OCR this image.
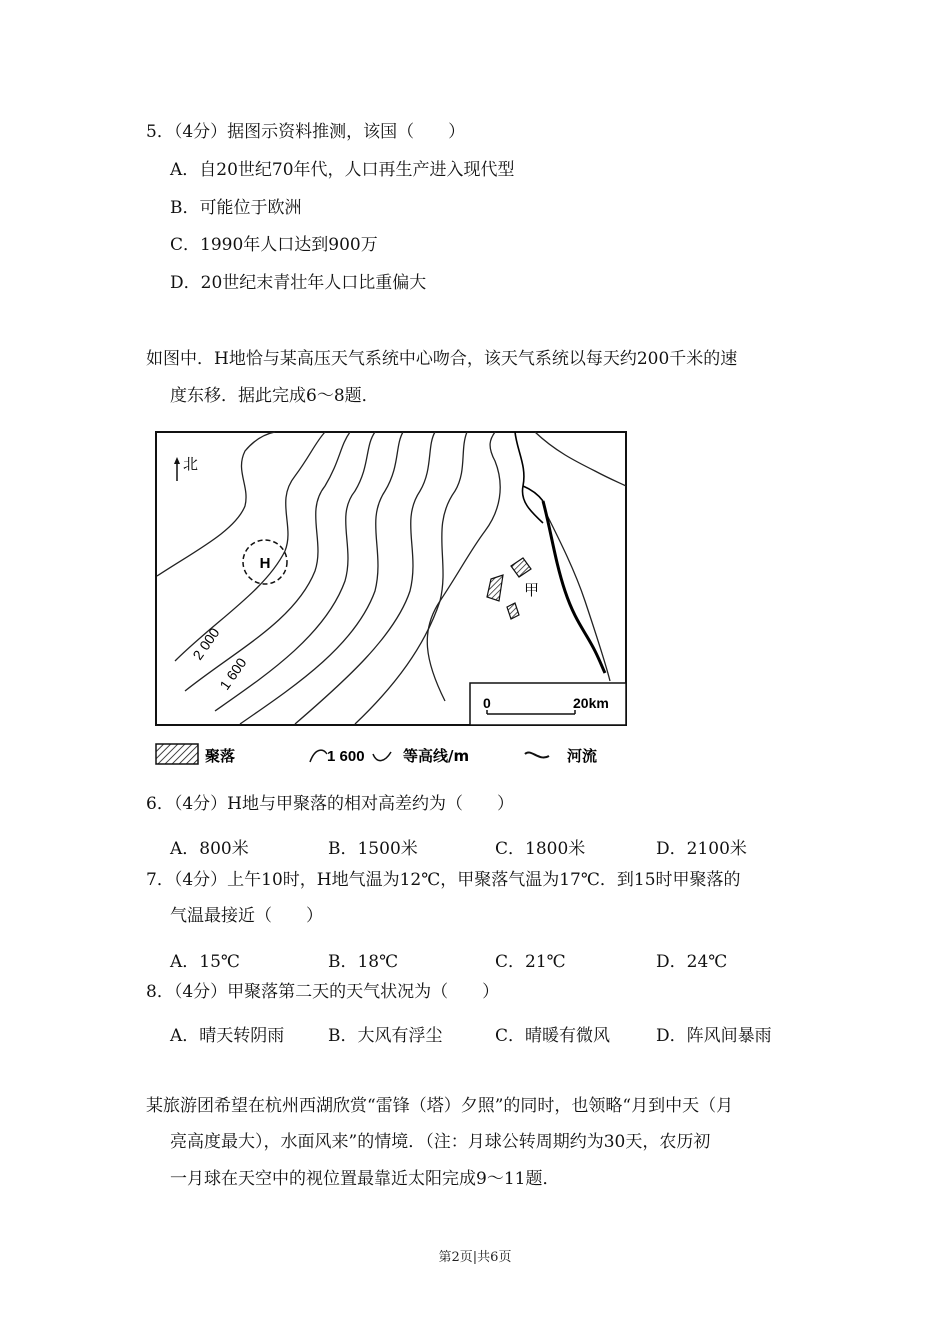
5．（4分）据图示资料推测，该国（　　）
A．自20世纪70年代，人口再生产进入现代型
B．可能位于欧洲
C．1990年人口达到900万
D．20世纪末青壮年人口比重偏大
如图中．H地恰与某高压天气系统中心吻合，该天气系统以每天约200千米的速
度东移．据此完成6～8题．
H
北
2 000
1 600
甲
0	20km
聚落	1 600	等高线/m	河流
6．（4分）H地与甲聚落的相对高差约为（　　）
A．800米	B．1500米	C．1800米	D．2100米
7．（4分）上午10时，H地气温为12℃，甲聚落气温为17℃．到15时甲聚落的
气温最接近（　　）
A．15℃	B．18℃	C．21℃	D．24℃
8．（4分）甲聚落第二天的天气状况为（　　）
A．晴天转阴雨	B．大风有浮尘	C．晴暖有微风	D．阵风间暴雨
某旅游团希望在杭州西湖欣赏“雷锋（塔）夕照”的同时，也领略“月到中天（月
亮高度最大），水面风来”的情境．（注：月球公转周期约为30天，农历初
一月球在天空中的视位置最靠近太阳完成9～11题．
第2页|共6页
